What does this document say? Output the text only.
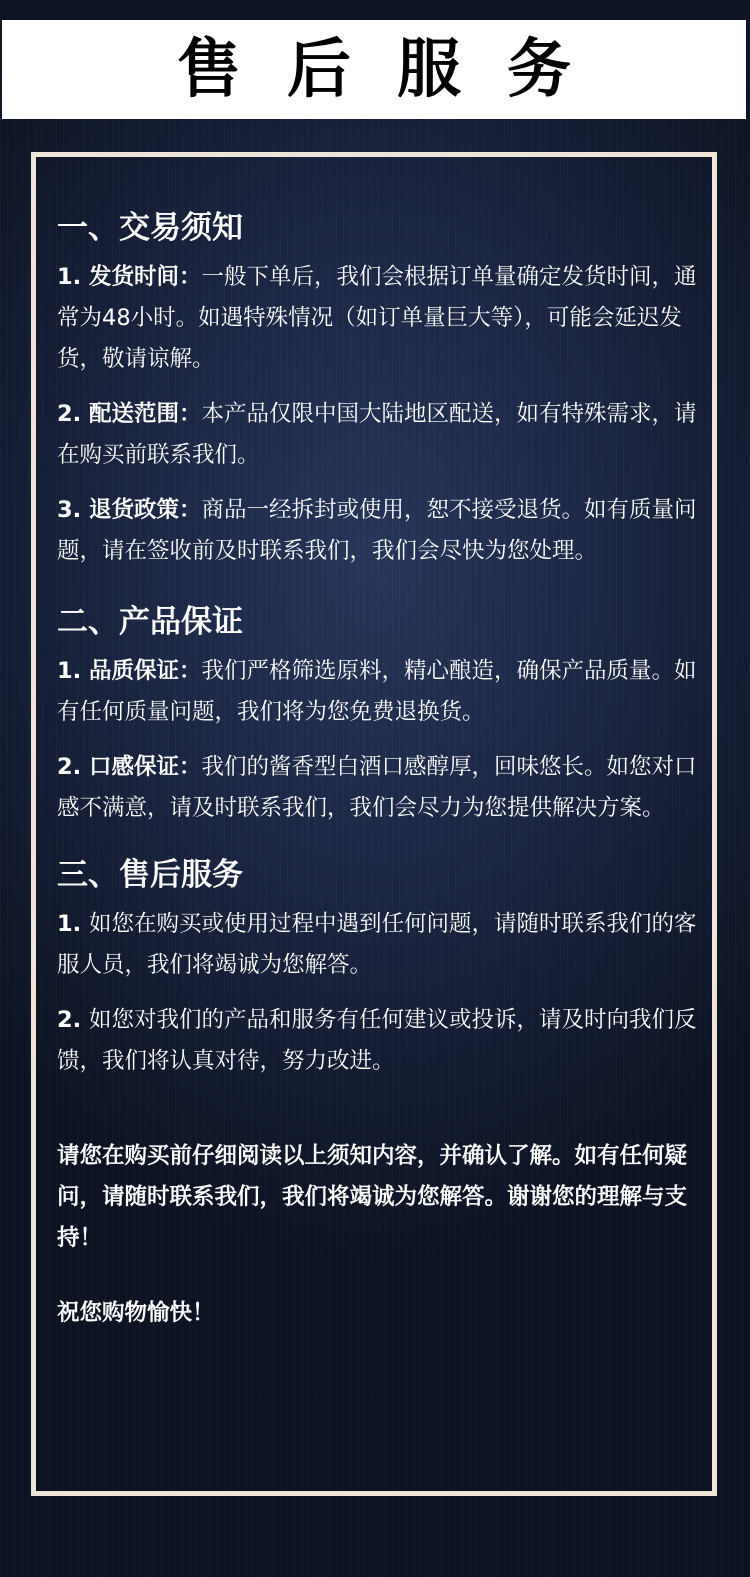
售后服务
一、交易须知

1. 发货时间：一般下单后，我们会根据订单量确定发货时间，通常为48小时。如遇特殊情况（如订单量巨大等），可能会延迟发货，敬请谅解。

2. 配送范围：本产品仅限中国大陆地区配送，如有特殊需求，请在购买前联系我们。

3. 退货政策：商品一经拆封或使用，恕不接受退货。如有质量问题，请在签收前及时联系我们，我们会尽快为您处理。

二、产品保证

1. 品质保证：我们严格筛选原料，精心酿造，确保产品质量。如有任何质量问题，我们将为您免费退换货。

2. 口感保证：我们的酱香型白酒口感醇厚，回味悠长。如您对口感不满意，请及时联系我们，我们会尽力为您提供解决方案。

三、售后服务

1. 如您在购买或使用过程中遇到任何问题，请随时联系我们的客服人员，我们将竭诚为您解答。

2. 如您对我们的产品和服务有任何建议或投诉，请及时向我们反馈，我们将认真对待，努力改进。

请您在购买前仔细阅读以上须知内容，并确认了解。如有任何疑问，请随时联系我们，我们将竭诚为您解答。谢谢您的理解与支持！

祝您购物愉快！
